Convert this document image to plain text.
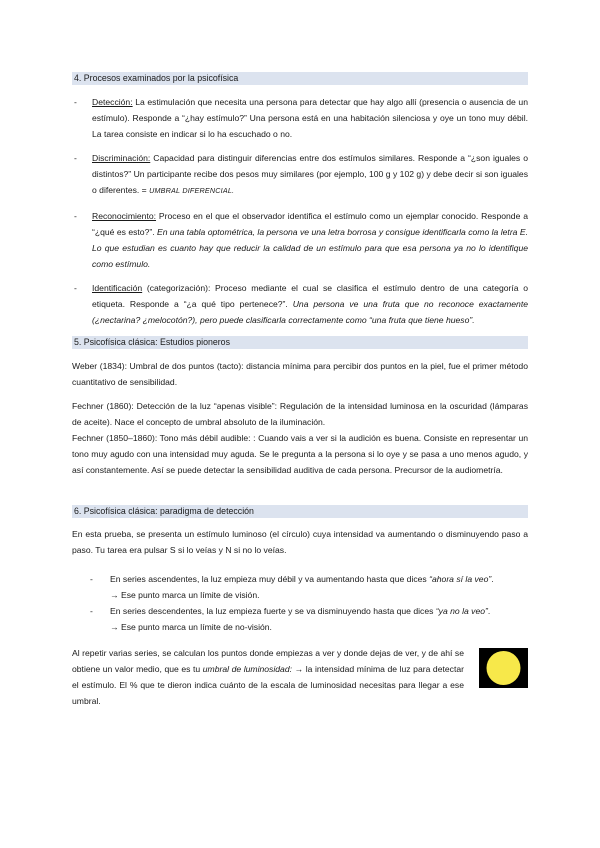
4. Procesos examinados por la psicofísica
- Detección: La estimulación que necesita una persona para detectar que hay algo allí (presencia o ausencia de un estímulo). Responde a “¿hay estímulo?” Una persona está en una habitación silenciosa y oye un tono muy débil. La tarea consiste en indicar si lo ha escuchado o no.
- Discriminación: Capacidad para distinguir diferencias entre dos estímulos similares. Responde a “¿son iguales o distintos?” Un participante recibe dos pesos muy similares (por ejemplo, 100 g y 102 g) y debe decir si son iguales o diferentes. = UMBRAL DIFERENCIAL.
- Reconocimiento: Proceso en el que el observador identifica el estímulo como un ejemplar conocido. Responde a “¿qué es esto?”. En una tabla optométrica, la persona ve una letra borrosa y consigue identificarla como la letra E. Lo que estudian es cuanto hay que reducir la calidad de un estímulo para que esa persona ya no lo identifique como estímulo.
- Identificación (categorización): Proceso mediante el cual se clasifica el estímulo dentro de una categoría o etiqueta. Responde a “¿a qué tipo pertenece?”. Una persona ve una fruta que no reconoce exactamente (¿nectarina? ¿melocotón?), pero puede clasificarla correctamente como “una fruta que tiene hueso”.
5. Psicofísica clásica: Estudios pioneros

Weber (1834): Umbral de dos puntos (tacto): distancia mínima para percibir dos puntos en la piel, fue el primer método cuantitativo de sensibilidad.

Fechner (1860): Detección de la luz “apenas visible”: Regulación de la intensidad luminosa en la oscuridad (lámparas de aceite). Nace el concepto de umbral absoluto de la iluminación.

Fechner (1850–1860): Tono más débil audible: : Cuando vais a ver si la audición es buena. Consiste en representar un tono muy agudo con una intensidad muy aguda. Se le pregunta a la persona si lo oye y se pasa a uno menos agudo, y así constantemente. Así se puede detectar la sensibilidad auditiva de cada persona. Precursor de la audiometría.

6. Psicofísica clásica: paradigma de detección

En esta prueba, se presenta un estímulo luminoso (el círculo) cuya intensidad va aumentando o disminuyendo paso a paso. Tu tarea era pulsar S si lo veías y N si no lo veías.

- En series ascendentes, la luz empieza muy débil y va aumentando hasta que dices “ahora sí la veo”.
→ Ese punto marca un límite de visión.
- En series descendentes, la luz empieza fuerte y se va disminuyendo hasta que dices “ya no la veo”.
→ Ese punto marca un límite de no-visión.

Al repetir varias series, se calculan los puntos donde empiezas a ver y donde dejas de ver, y de ahí se obtiene un valor medio, que es tu umbral de luminosidad: → la intensidad mínima de luz para detectar el estímulo. El % que te dieron indica cuánto de la escala de luminosidad necesitas para llegar a ese umbral.
